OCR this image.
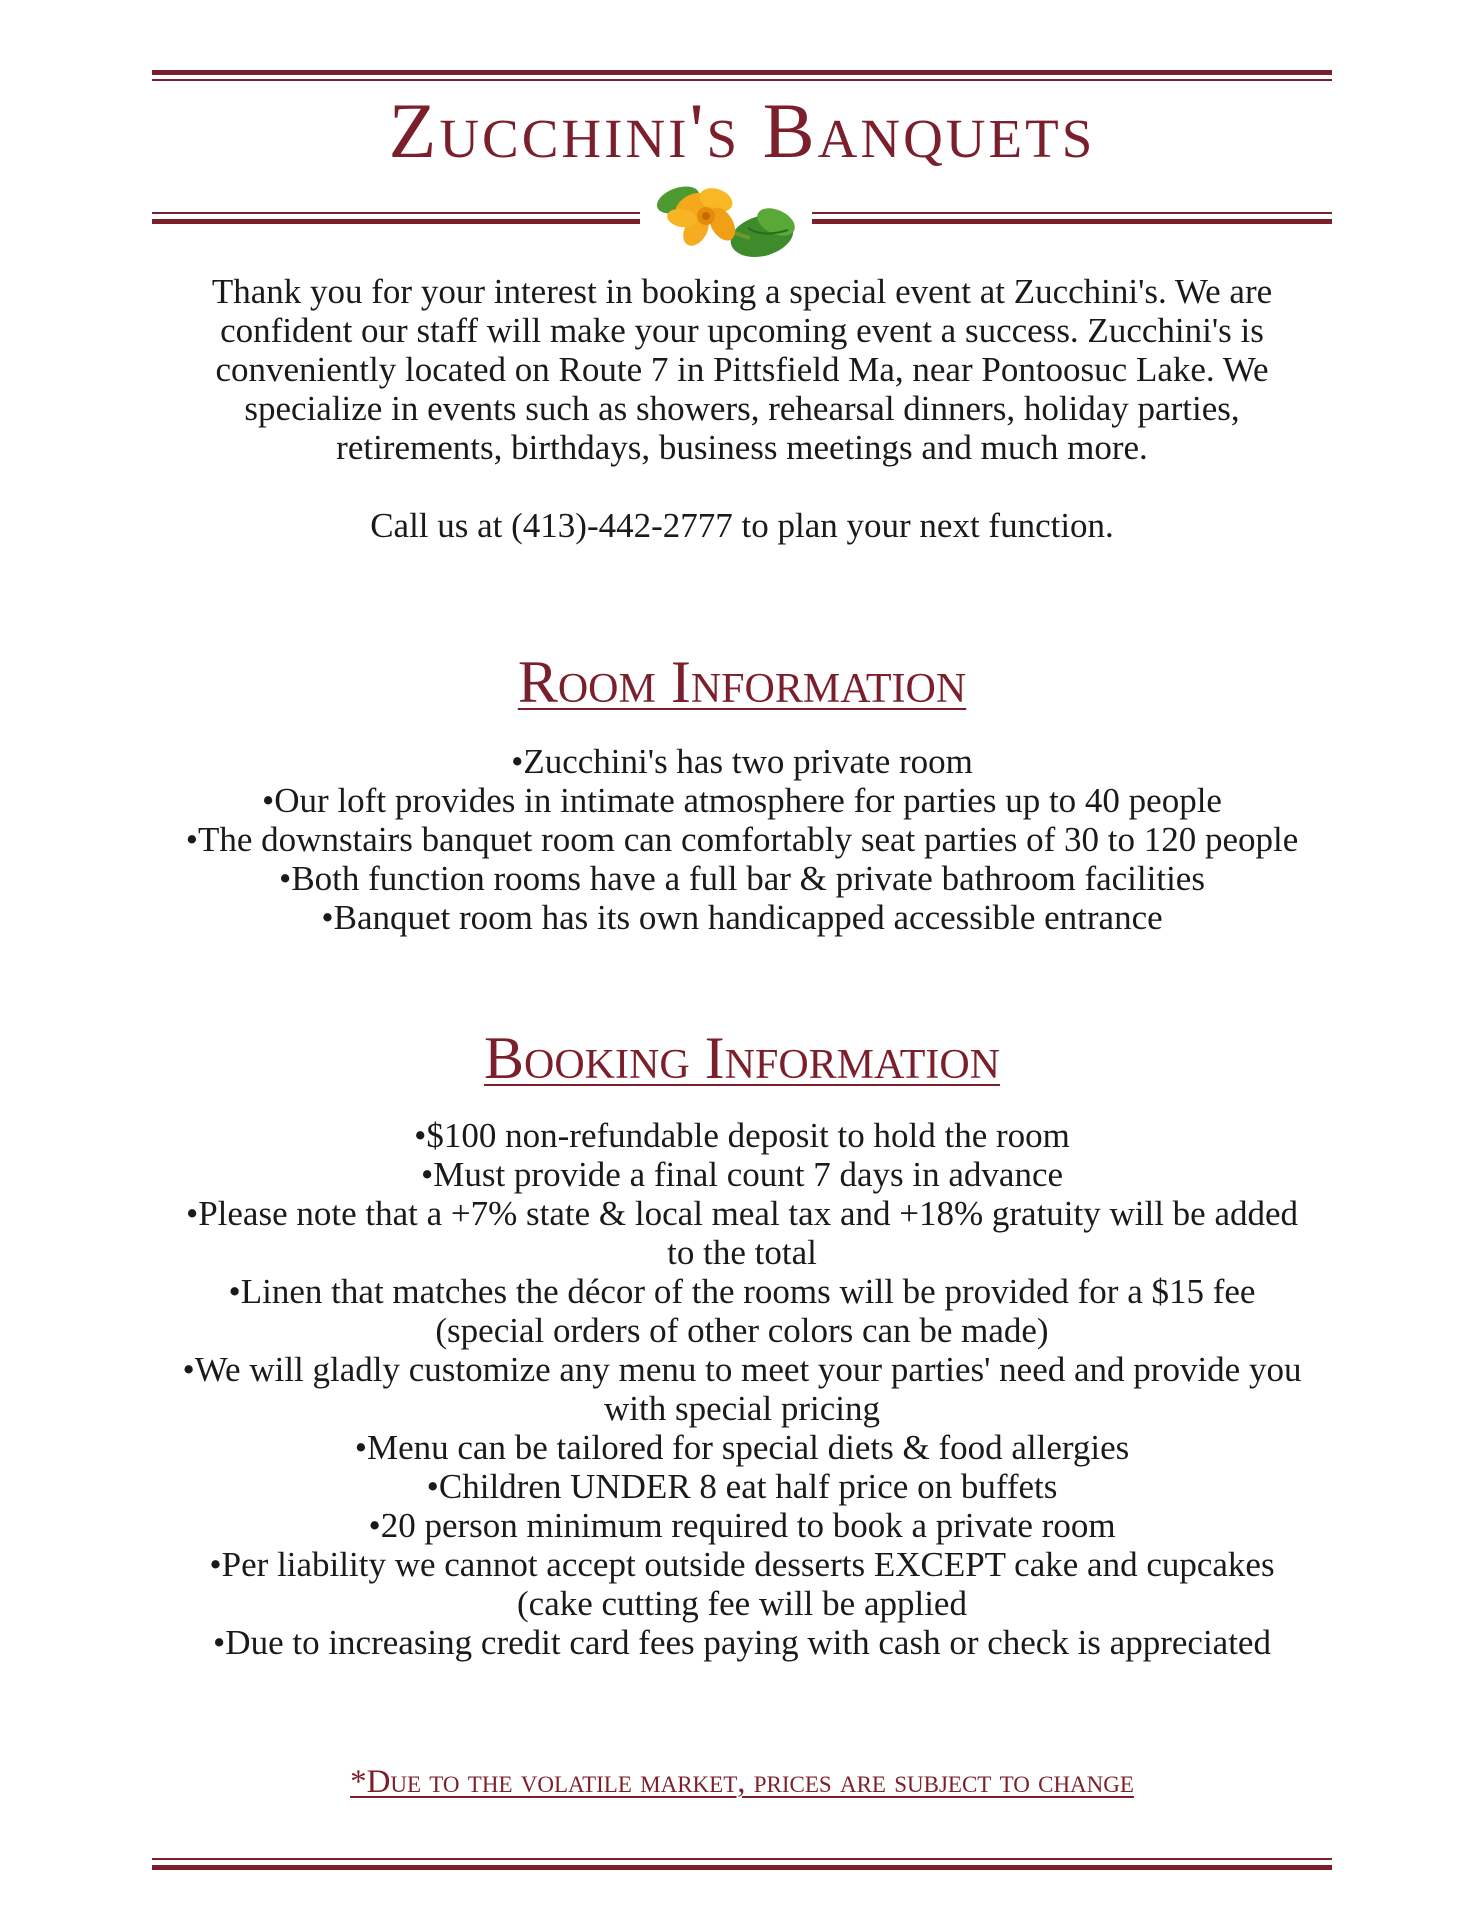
Zucchini's Banquets

Thank you for your interest in booking a special event at Zucchini's. We are confident our staff will make your upcoming event a success. Zucchini's is conveniently located on Route 7 in Pittsfield Ma, near Pontoosuc Lake. We specialize in events such as showers, rehearsal dinners, holiday parties, retirements, birthdays, business meetings and much more.

Call us at (413)-442-2777 to plan your next function.

Room Information
• Zucchini's has two private room
• Our loft provides in intimate atmosphere for parties up to 40 people
• The downstairs banquet room can comfortably seat parties of 30 to 120 people
• Both function rooms have a full bar & private bathroom facilities
• Banquet room has its own handicapped accessible entrance
Booking Information
• $100 non-refundable deposit to hold the room
• Must provide a final count 7 days in advance
• Please note that a +7% state & local meal tax and +18% gratuity will be added to the total
• Linen that matches the décor of the rooms will be provided for a $15 fee (special orders of other colors can be made)
• We will gladly customize any menu to meet your parties' need and provide you with special pricing
• Menu can be tailored for special diets & food allergies
• Children UNDER 8 eat half price on buffets
• 20 person minimum required to book a private room
• Per liability we cannot accept outside desserts EXCEPT cake and cupcakes (cake cutting fee will be applied
• Due to increasing credit card fees paying with cash or check is appreciated
*Due to the volatile market, prices are subject to change
